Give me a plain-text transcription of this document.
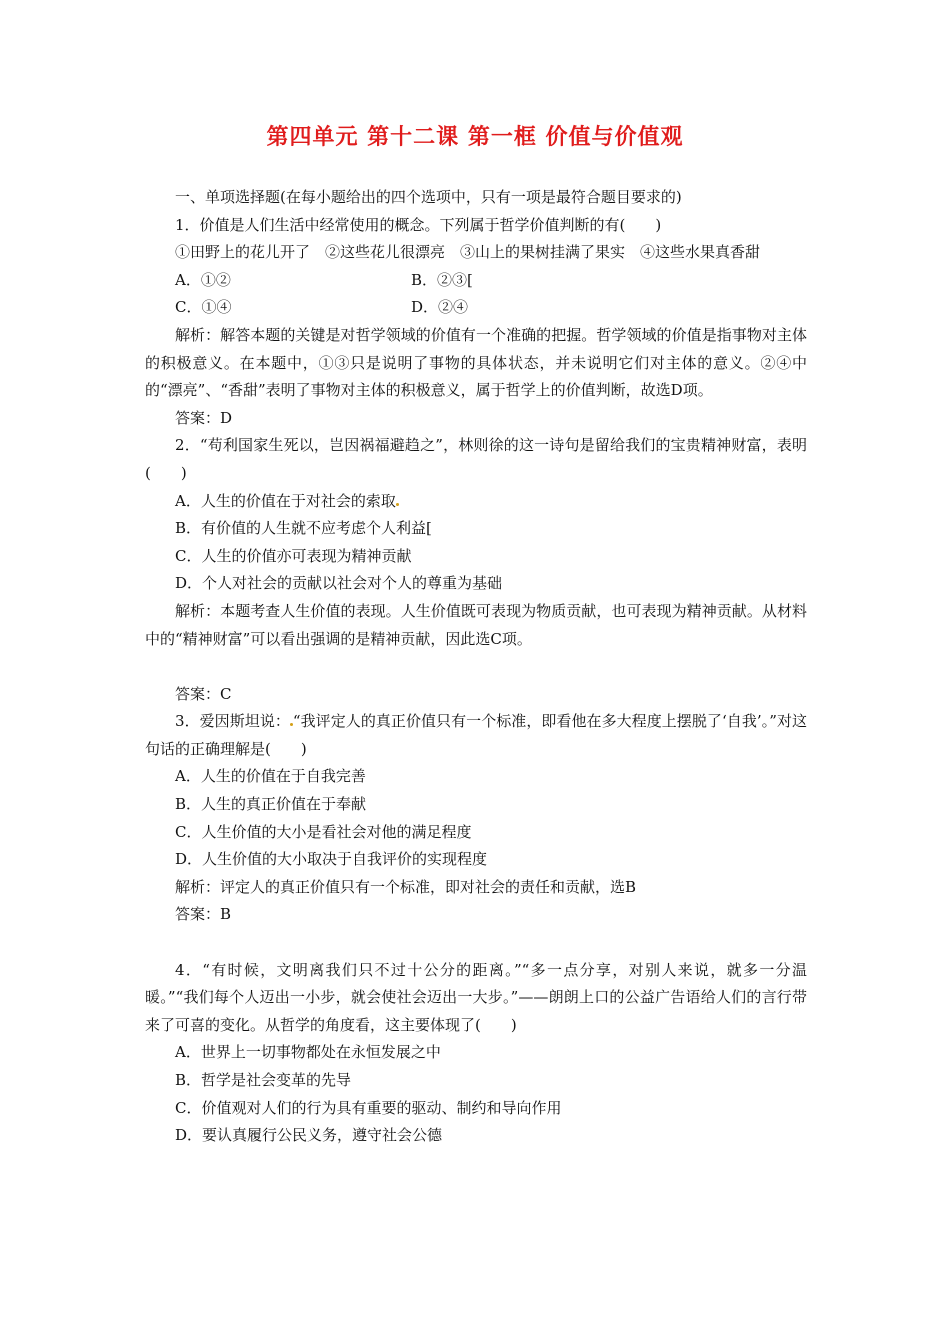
第四单元 第十二课 第一框 价值与价值观

一、单项选择题(在每小题给出的四个选项中，只有一项是最符合题目要求的)

1．价值是人们生活中经常使用的概念。下列属于哲学价值判断的有(　　)

①田野上的花儿开了　②这些花儿很漂亮　③山上的果树挂满了果实　④这些水果真香甜

A．①②	B．②③[
C．①④	D．②④

解析：解答本题的关键是对哲学领域的价值有一个准确的把握。哲学领域的价值是指事物对主体的积极意义。在本题中，①③只是说明了事物的具体状态，并未说明它们对主体的意义。②④中的“漂亮”、“香甜”表明了事物对主体的积极意义，属于哲学上的价值判断，故选D项。

答案：D

2．“苟利国家生死以，岂因祸福避趋之”，林则徐的这一诗句是留给我们的宝贵精神财富，表明(　　)

A．人生的价值在于对社会的索取

B．有价值的人生就不应考虑个人利益[

C．人生的价值亦可表现为精神贡献

D．个人对社会的贡献以社会对个人的尊重为基础

解析：本题考查人生价值的表现。人生价值既可表现为物质贡献，也可表现为精神贡献。从材料中的“精神财富”可以看出强调的是精神贡献，因此选C项。

答案：C

3．爱因斯坦说： “我评定人的真正价值只有一个标准，即看他在多大程度上摆脱了‘自我’。”对这句话的正确理解是(　　)

A．人生的价值在于自我完善

B．人生的真正价值在于奉献

C．人生价值的大小是看社会对他的满足程度

D．人生价值的大小取决于自我评价的实现程度

解析：评定人的真正价值只有一个标准，即对社会的责任和贡献，选B

答案：B

4．“有时候，文明离我们只不过十公分的距离。”“多一点分享，对别人来说，就多一分温暖。”“我们每个人迈出一小步，就会使社会迈出一大步。”——朗朗上口的公益广告语给人们的言行带来了可喜的变化。从哲学的角度看，这主要体现了(　　)

A．世界上一切事物都处在永恒发展之中

B．哲学是社会变革的先导

C．价值观对人们的行为具有重要的驱动、制约和导向作用

D．要认真履行公民义务，遵守社会公德
